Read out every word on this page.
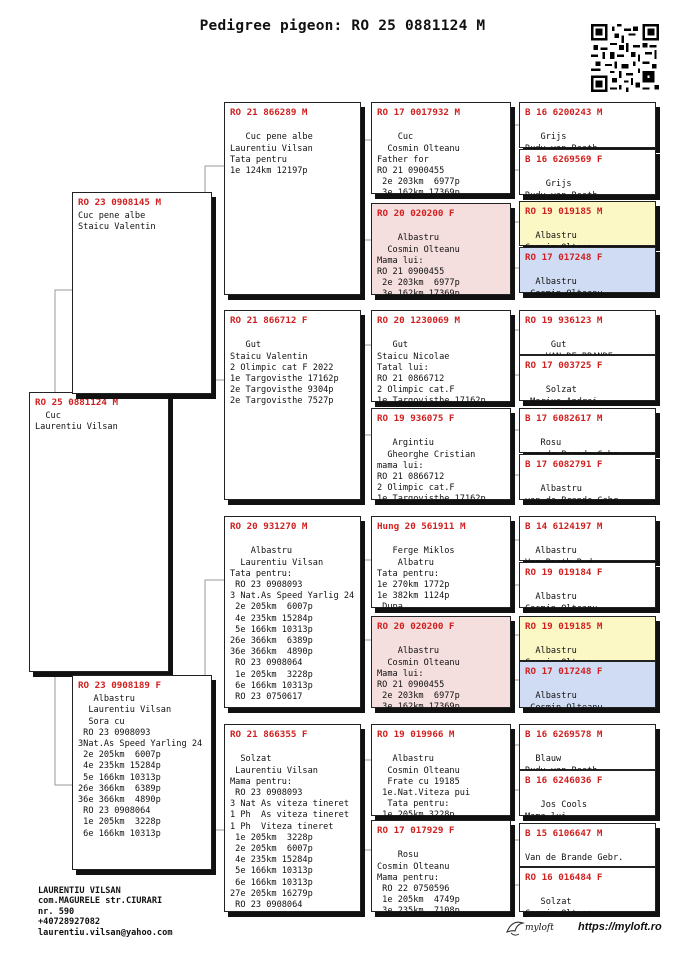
Pedigree pigeon: RO 25 0881124 M
RO 25 0881124 M
Cuc
Laurentiu Vilsan
RO 23 0908145 M
Cuc pene albe
Staicu Valentin
RO 23 0908189 F
Albastru
Laurentiu Vilsan
Sora cu
RO 23 0908093
3Nat.As Speed Yarling 24
2e 205km  6007p
4e 235km 15284p
5e 166km 10313p
26e 366km  6389p
36e 366km  4890p
RO 23 0908064
1e 205km  3228p
6e 166km 10313p
RO 21 866289 M

Cuc pene albe
Laurentiu Vilsan
Tata pentru
1e 124km 12197p
RO 21 866712 F

Gut
Staicu Valentin
2 Olimpic cat F 2022
1e Targovisthe 17162p
2e Targovisthe 9304p
2e Targovisthe 7527p
RO 20 931270 M

Albastru
Laurentiu Vilsan
Tata pentru:
RO 23 0908093
3 Nat.As Speed Yarlig 24
2e 205km  6007p
4e 235km 15284p
5e 166km 10313p
26e 366km  6389p
36e 366km  4890p
RO 23 0908064
1e 205km  3228p
6e 166km 10313p
RO 23 0750617
RO 21 866355 F

Solzat
Laurentiu Vilsan
Mama pentru:
RO 23 0908093
3 Nat As viteza tineret
1 Ph  As viteza tineret
1 Ph  Viteza tineret
1e 205km  3228p
2e 205km  6007p
4e 235km 15284p
5e 166km 10313p
6e 166km 10313p
27e 205km 16279p
RO 23 0908064
RO 17 0017932 M

Cuc
Cosmin Olteanu
Father for
RO 21 0900455
2e 203km  6977p
3e 162km 17369p
RO 20 020200 F

Albastru
Cosmin Olteanu
Mama lui:
RO 21 0900455
2e 203km  6977p
3e 162km 17369p
RO 20 1230069 M

Gut
Staicu Nicolae
Tatal lui:
RO 21 0866712
2 Olimpic cat.F
1e Targovisthe 17162p
RO 19 936075 F

Argintiu
Gheorghe Cristian
mama lui:
RO 21 0866712
2 Olimpic cat.F
1e Targovisthe 17162p
Hung 20 561911 M

Ferge Miklos
Albatru
Tata pentru:
1e 270km 1772p
1e 382km 1124p
Dupa ...
RO 20 020200 F

Albastru
Cosmin Olteanu
Mama lui:
RO 21 0900455
2e 203km  6977p
3e 162km 17369p
RO 19 019966 M

Albastru
Cosmin Olteanu
Frate cu 19185
1e.Nat.Viteza pui
Tata pentru:
1e 205km 3228p
RO 17 017929 F

Rosu
Cosmin Olteanu
Mama pentru:
RO 22 0750596
1e 205km  4749p
3e 235km  7108p
B 16 6200243 M

Grijs

B 16 6269569 F

Grijs
Rudy van Reeth
RO 19 019185 M

Albastru

RO 17 017248 F

Albastru
Cosmin Olteanu
RO 19 936123 M

Gut

RO 17 003725 F

Solzat
Marius Andrei
B 17 6082617 M

Rosu

B 17 6082791 F

Albastru
van de Brande Gebr
B 14 6124197 M

Albastru

RO 19 019184 F

Albastru
Cosmin Olteanu
RO 19 019185 M

Albastru

RO 17 017248 F

Albastru
Cosmin Olteanu
B 16 6269578 M

Blauw

B 16 6246036 F

Jos Cools
Mama lui
B 15 6106647 M

Van de Brande Gebr.
RO 16 016484 F

Solzat
Cosmin Olteanu
LAURENTIU VILSAN
com.MAGURELE str.CIURARI
nr. 590
+40728927082
laurentiu.vilsan@yahoo.com	myloft https://myloft.ro
